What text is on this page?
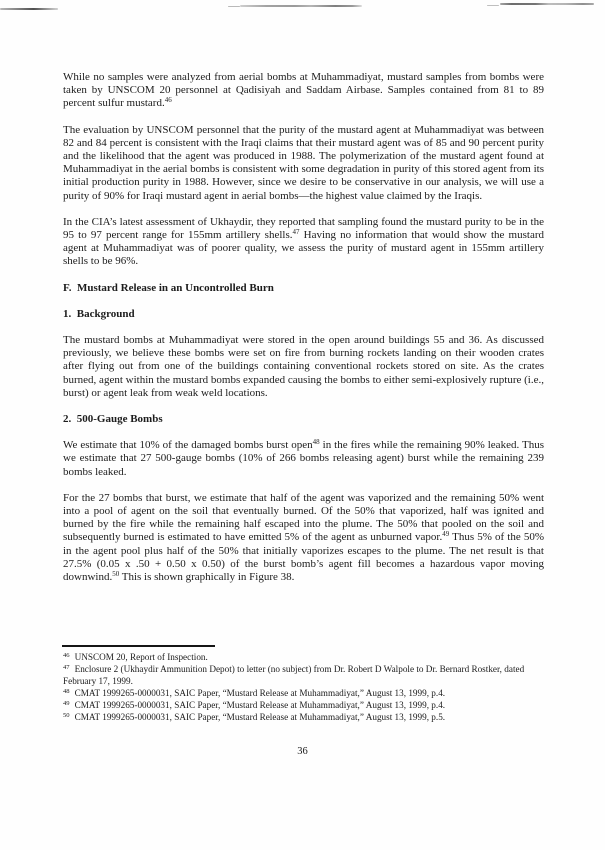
While no samples were analyzed from aerial bombs at Muhammadiyat, mustard samples from bombs were taken by UNSCOM 20 personnel at Qadisiyah and Saddam Airbase. Samples contained from 81 to 89 percent sulfur mustard.$^{46}$

The evaluation by UNSCOM personnel that the purity of the mustard agent at Muhammadiyat was between 82 and 84 percent is consistent with the Iraqi claims that their mustard agent was of 85 and 90 percent purity and the likelihood that the agent was produced in 1988. The polymerization of the mustard agent found at Muhammadiyat in the aerial bombs is consistent with some degradation in purity of this stored agent from its initial production purity in 1988. However, since we desire to be conservative in our analysis, we will use a purity of 90% for Iraqi mustard agent in aerial bombs—the highest value claimed by the Iraqis.

In the CIA’s latest assessment of Ukhaydir, they reported that sampling found the mustard purity to be in the 95 to 97 percent range for 155mm artillery shells.$^{47}$ Having no information that would show the mustard agent at Muhammadiyat was of poorer quality, we assess the purity of mustard agent in 155mm artillery shells to be 96%.

F.  Mustard Release in an Uncontrolled Burn
1.  Background

The mustard bombs at Muhammadiyat were stored in the open around buildings 55 and 36. As discussed previously, we believe these bombs were set on fire from burning rockets landing on their wooden crates after flying out from one of the buildings containing conventional rockets stored on site. As the crates burned, agent within the mustard bombs expanded causing the bombs to either semi-explosively rupture (i.e., burst) or agent leak from weak weld locations.

2.  500-Gauge Bombs

We estimate that 10% of the damaged bombs burst open$^{48}$ in the fires while the remaining 90% leaked. Thus we estimate that 27 500-gauge bombs (10% of 266 bombs releasing agent) burst while the remaining 239 bombs leaked.

For the 27 bombs that burst, we estimate that half of the agent was vaporized and the remaining 50% went into a pool of agent on the soil that eventually burned. Of the 50% that vaporized, half was ignited and burned by the fire while the remaining half escaped into the plume. The 50% that pooled on the soil and subsequently burned is estimated to have emitted 5% of the agent as unburned vapor.$^{49}$ Thus 5% of the 50% in the agent pool plus half of the 50% that initially vaporizes escapes to the plume. The net result is that 27.5% (0.05 x .50 + 0.50 x 0.50) of the burst bomb’s agent fill becomes a hazardous vapor moving downwind.$^{50}$ This is shown graphically in Figure 38.

$^{46}$ UNSCOM 20, Report of Inspection.

$^{47}$ Enclosure 2 (Ukhaydir Ammunition Depot) to letter (no subject) from Dr. Robert D Walpole to Dr. Bernard Rostker, dated February 17, 1999.

$^{48}$ CMAT 1999265-0000031, SAIC Paper, “Mustard Release at Muhammadiyat,” August 13, 1999, p.4.

$^{49}$ CMAT 1999265-0000031, SAIC Paper, “Mustard Release at Muhammadiyat,” August 13, 1999, p.4.

$^{50}$ CMAT 1999265-0000031, SAIC Paper, “Mustard Release at Muhammadiyat,” August 13, 1999, p.5.

36
